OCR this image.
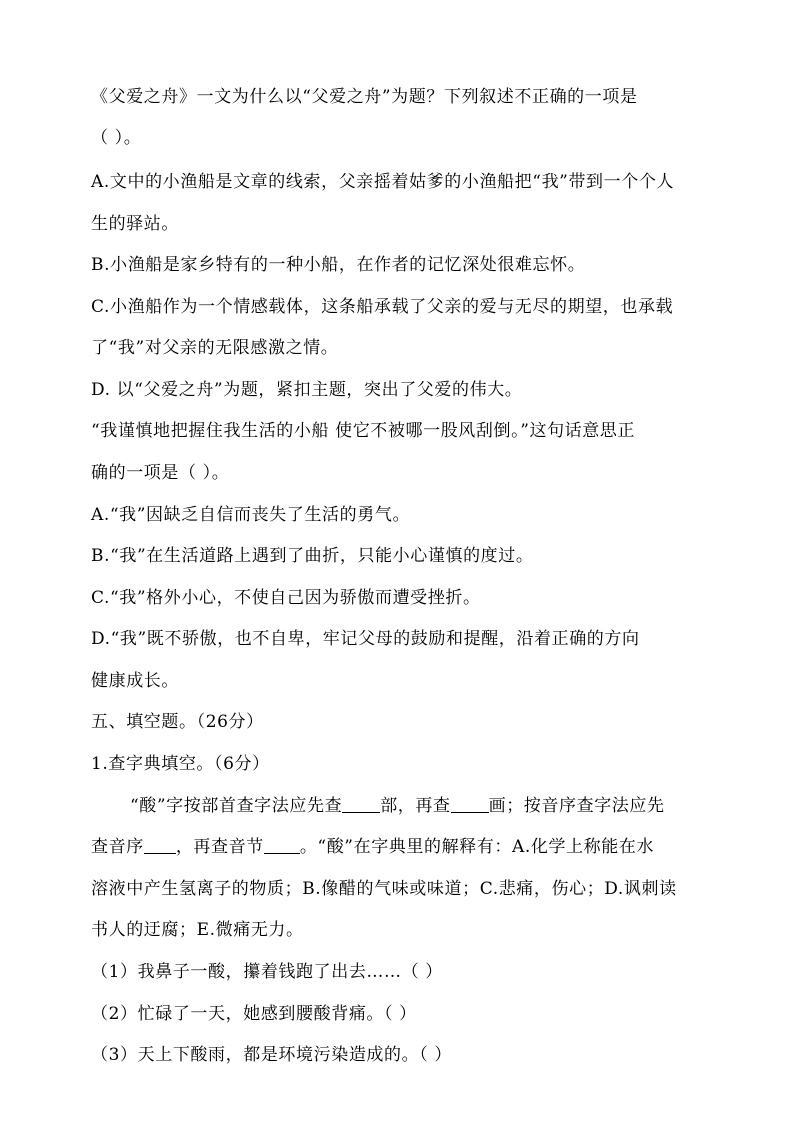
《父爱之舟》一文为什么以“父爱之舟”为题？下列叙述不正确的一项是
（ ）。
A.文中的小渔船是文章的线索，父亲摇着姑爹的小渔船把“我”带到一个个人
生的驿站。
B.小渔船是家乡特有的一种小船，在作者的记忆深处很难忘怀。
C.小渔船作为一个情感载体，这条船承载了父亲的爱与无尽的期望，也承载
了“我”对父亲的无限感激之情。
D. 以“父爱之舟”为题，紧扣主题，突出了父爱的伟大。
“我谨慎地把握住我生活的小船 使它不被哪一股风刮倒。”这句话意思正
确的一项是（ ）。
A.“我”因缺乏自信而丧失了生活的勇气。
B.“我”在生活道路上遇到了曲折，只能小心谨慎的度过。
C.“我”格外小心，不使自己因为骄傲而遭受挫折。
D.“我”既不骄傲，也不自卑，牢记父母的鼓励和提醒，沿着正确的方向
健康成长。
五、填空题。（26分）
1.查字典填空。（6分）
“酸”字按部首查字法应先查 部，再查 画；按音序查字法应先
查音序 ，再查音节 。“酸”在字典里的解释有：A.化学上称能在水
溶液中产生氢离子的物质；B.像醋的气味或味道；C.悲痛，伤心；D.讽刺读
书人的迂腐；E.微痛无力。
（1）我鼻子一酸，攥着钱跑了出去……（ ）
（2）忙碌了一天，她感到腰酸背痛。（ ）
（3）天上下酸雨，都是环境污染造成的。（ ）
